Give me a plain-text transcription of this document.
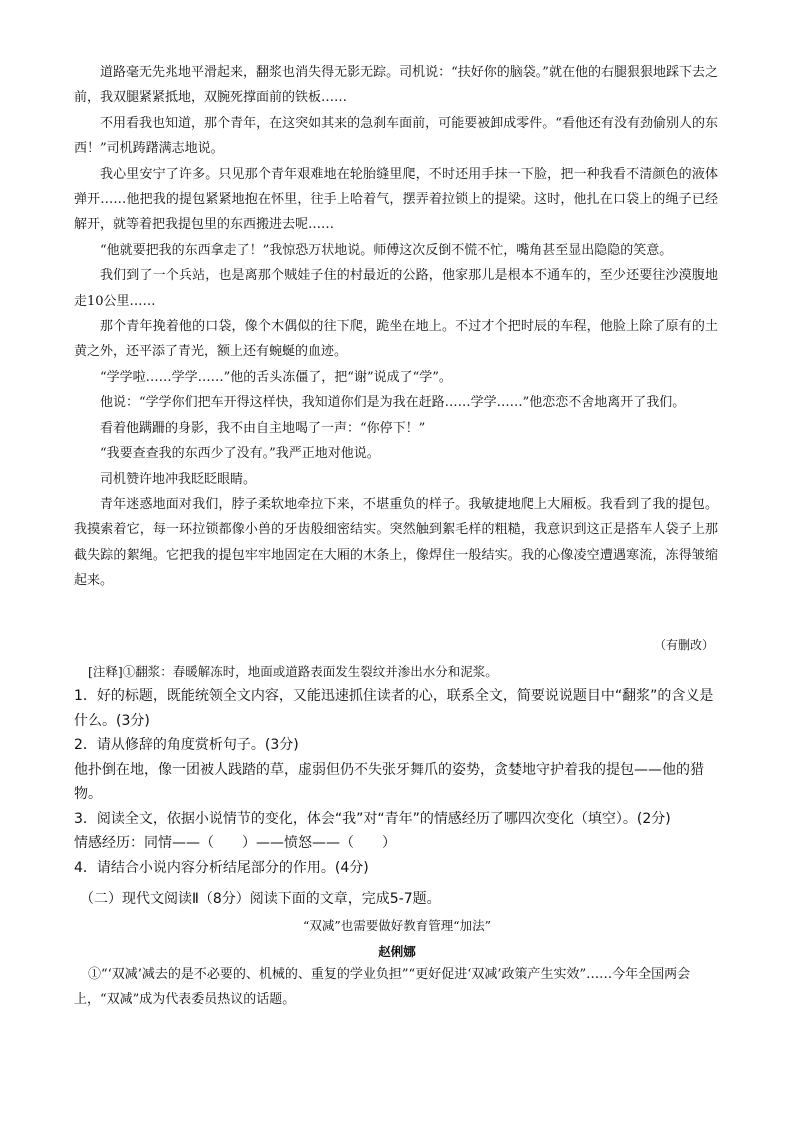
道路毫无先兆地平滑起来，翻浆也消失得无影无踪。司机说：“扶好你的脑袋。”就在他的右腿狠狠地踩下去之前，我双腿紧紧抵地，双腕死撑面前的铁板……

不用看我也知道，那个青年，在这突如其来的急刹车面前，可能要被卸成零件。“看他还有没有劲偷别人的东西！”司机踌躇满志地说。

我心里安宁了许多。只见那个青年艰难地在轮胎缝里爬，不时还用手抹一下脸，把一种我看不清颜色的液体弹开……他把我的提包紧紧地抱在怀里，往手上哈着气，摆弄着拉锁上的提梁。这时，他扎在口袋上的绳子已经解开，就等着把我提包里的东西搬进去呢……

“他就要把我的东西拿走了！”我惊恐万状地说。师傅这次反倒不慌不忙，嘴角甚至显出隐隐的笑意。

我们到了一个兵站，也是离那个贼娃子住的村最近的公路，他家那儿是根本不通车的，至少还要往沙漠腹地走10公里……

那个青年挽着他的口袋，像个木偶似的往下爬，跪坐在地上。不过才个把时辰的车程，他脸上除了原有的土黄之外，还平添了青光，额上还有蜿蜒的血迹。

“学学啦……学学……”他的舌头冻僵了，把“谢”说成了“学”。

他说：“学学你们把车开得这样快，我知道你们是为我在赶路……学学……”他恋恋不舍地离开了我们。

看着他蹒跚的身影，我不由自主地喝了一声：“你停下！”

“我要查查我的东西少了没有。”我严正地对他说。

司机赞许地冲我眨眨眼睛。

青年迷惑地面对我们，脖子柔软地牵拉下来，不堪重负的样子。我敏捷地爬上大厢板。我看到了我的提包。我摸索着它，每一环拉锁都像小兽的牙齿般细密结实。突然触到絮毛样的粗糙，我意识到这正是搭车人袋子上那截失踪的絮绳。它把我的提包牢牢地固定在大厢的木条上，像焊住一般结实。我的心像凌空遭遇寒流，冻得皱缩起来。

（有删改）
[注释]①翻浆：春暖解冻时，地面或道路表面发生裂纹并渗出水分和泥浆。

1．好的标题，既能统领全文内容，又能迅速抓住读者的心，联系全文，简要说说题目中“翻浆”的含义是什么。(3分)

2．请从修辞的角度赏析句子。(3分)

他扑倒在地，像一团被人践踏的草，虚弱但仍不失张牙舞爪的姿势，贪婪地守护着我的提包——他的猎物。

3．阅读全文，依据小说情节的变化，体会“我”对“青年”的情感经历了哪四次变化（填空）。(2分)

情感经历：同情——（　　）——愤怒——（　　）

4．请结合小说内容分析结尾部分的作用。(4分)

（二）现代文阅读Ⅱ（8分）阅读下面的文章，完成5-7题。
“双减”也需要做好教育管理“加法”
赵俐娜

①“‘双减’减去的是不必要的、机械的、重复的学业负担”“更好促进‘双减’政策产生实效”……今年全国两会上，“双减”成为代表委员热议的话题。
